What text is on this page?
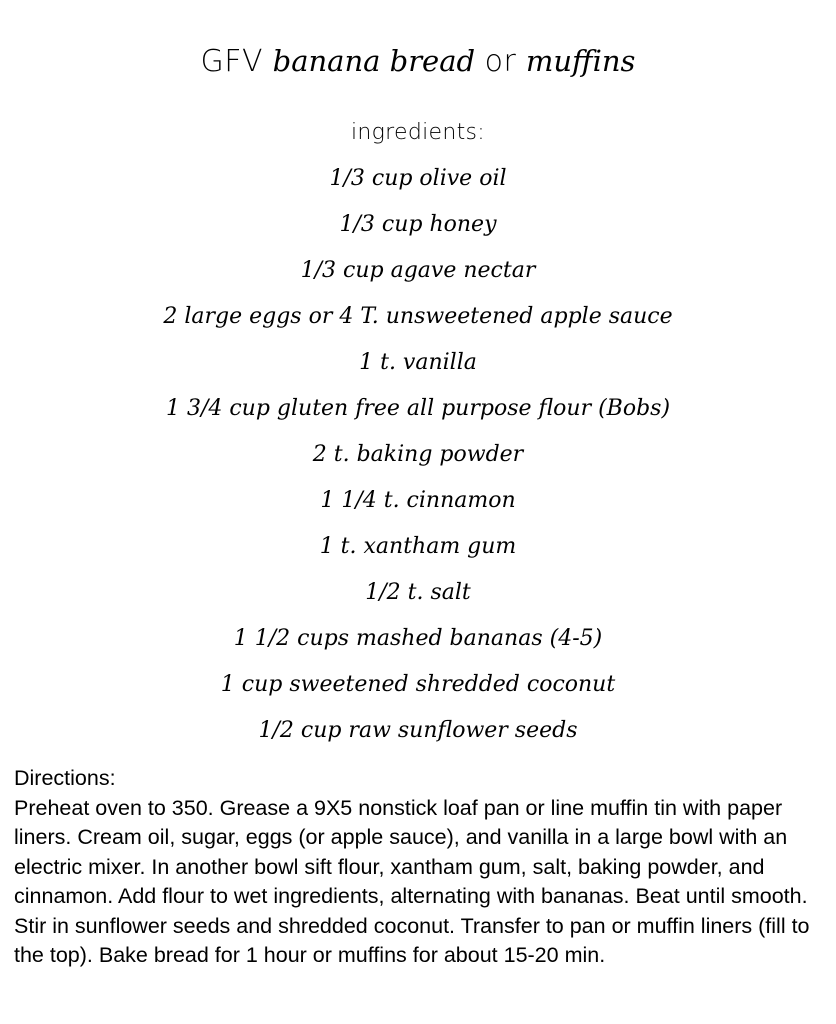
GFV banana bread or muffins
ingredients:
1/3 cup olive oil
1/3 cup honey
1/3 cup agave nectar
2 large eggs or 4 T. unsweetened apple sauce
1 t. vanilla
1 3/4 cup gluten free all purpose flour (Bobs)
2 t. baking powder
1 1/4 t. cinnamon
1 t. xantham gum
1/2 t. salt
1 1/2 cups mashed bananas (4-5)
1 cup sweetened shredded coconut
1/2 cup raw sunflower seeds
Directions:
Preheat oven to 350. Grease a 9X5 nonstick loaf pan or line muffin tin with paper liners. Cream oil, sugar, eggs (or apple sauce), and vanilla in a large bowl with an electric mixer. In another bowl sift flour, xantham gum, salt, baking powder, and cinnamon. Add flour to wet ingredients, alternating with bananas. Beat until smooth. Stir in sunflower seeds and shredded coconut. Transfer to pan or muffin liners (fill to the top). Bake bread for 1 hour or muffins for about 15-20 min.
